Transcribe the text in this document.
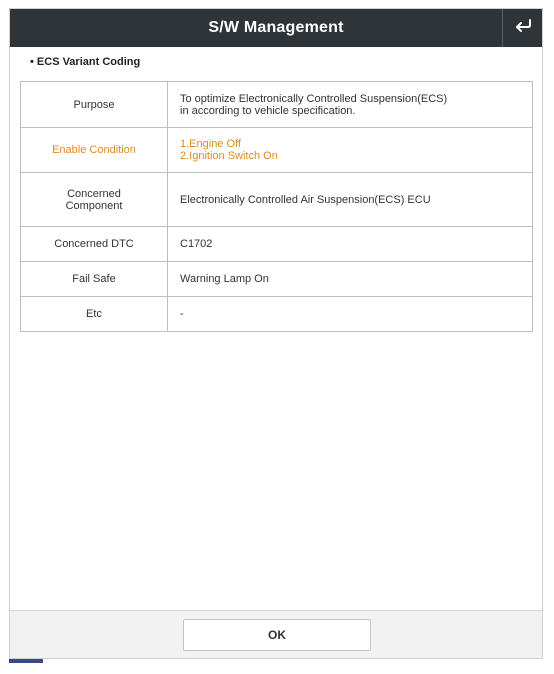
S/W Management
• ECS Variant Coding
Purpose	To optimize Electronically Controlled Suspension(ECS)
in according to vehicle specification.

Enable Condition	1.Engine Off
2.Ignition Switch On

Concerned
Component	Electronically Controlled Air Suspension(ECS) ECU
Concerned DTC	C1702
Fail Safe	Warning Lamp On
Etc	-
OK
